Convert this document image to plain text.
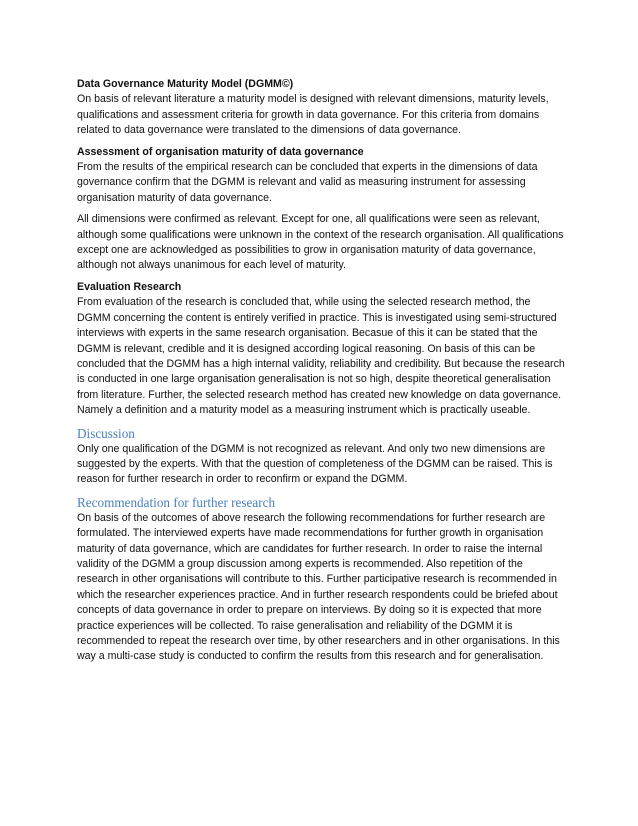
Data Governance Maturity Model (DGMM©)

On basis of relevant literature a maturity model is designed with relevant dimensions, maturity levels, qualifications and assessment criteria for growth in data governance. For this criteria from domains related to data governance were translated to the dimensions of data governance.

Assessment of organisation maturity of data governance

From the results of the empirical research can be concluded that experts in the dimensions of data governance confirm that the DGMM is relevant and valid as measuring instrument for assessing organisation maturity of data governance.

All dimensions were confirmed as relevant. Except for one, all qualifications were seen as relevant, although some qualifications were unknown in the context of the research organisation. All qualifications except one are acknowledged as possibilities to grow in organisation maturity of data governance, although not always unanimous for each level of maturity.

Evaluation Research

From evaluation of the research is concluded that, while using the selected research method, the DGMM concerning the content is entirely verified in practice. This is investigated using semi-structured interviews with experts in the same research organisation. Becasue of this it can be stated that the DGMM is relevant, credible and it is designed according logical reasoning. On basis of this can be concluded that the DGMM has a high internal validity, reliability and credibility. But because the research is conducted in one large organisation generalisation is not so high, despite theoretical generalisation from literature. Further, the selected research method has created new knowledge on data governance. Namely a definition and a maturity model as a measuring instrument which is practically useable.

Discussion

Only one qualification of the DGMM is not recognized as relevant. And only two new dimensions are suggested by the experts. With that the question of completeness of the DGMM can be raised. This is reason for further research in order to reconfirm or expand the DGMM.

Recommendation for further research

On basis of the outcomes of above research the following recommendations for further research are formulated. The interviewed experts have made recommendations for further growth in organisation maturity of data governance, which are candidates for further research. In order to raise the internal validity of the DGMM a group discussion among experts is recommended. Also repetition of the research in other organisations will contribute to this. Further participative research is recommended in which the researcher experiences practice. And in further research respondents could be briefed about concepts of data governance in order to prepare on interviews. By doing so it is expected that more practice experiences will be collected. To raise generalisation and reliability of the DGMM it is recommended to repeat the research over time, by other researchers and in other organisations. In this way a multi-case study is conducted to confirm the results from this research and for generalisation.
